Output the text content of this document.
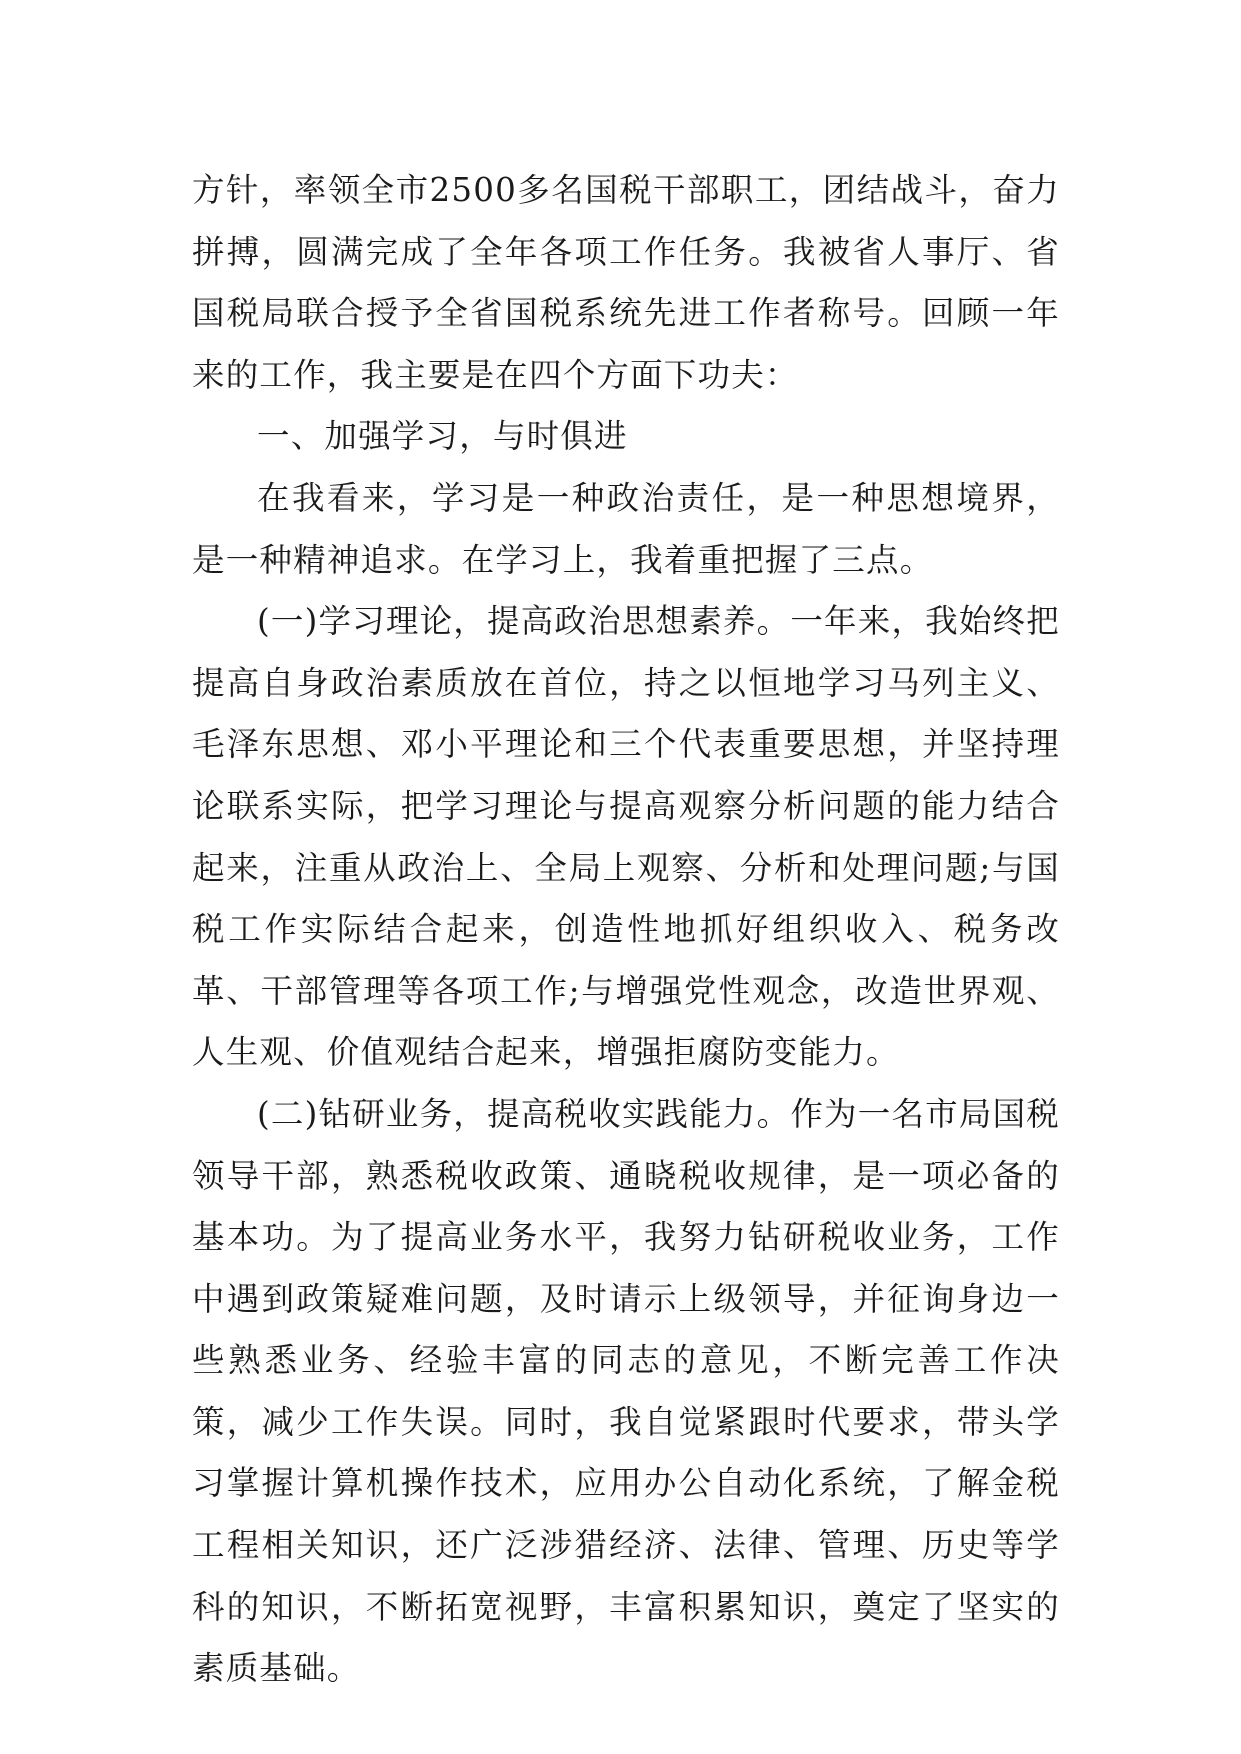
方针，率领全市2500多名国税干部职工，团结战斗，奋力拼搏，圆满完成了全年各项工作任务。我被省人事厅、省国税局联合授予全省国税系统先进工作者称号。回顾一年来的工作，我主要是在四个方面下功夫：

一、加强学习，与时俱进

在我看来，学习是一种政治责任，是一种思想境界，是一种精神追求。在学习上，我着重把握了三点。

(一)学习理论，提高政治思想素养。一年来，我始终把提高自身政治素质放在首位，持之以恒地学习马列主义、毛泽东思想、邓小平理论和三个代表重要思想，并坚持理论联系实际，把学习理论与提高观察分析问题的能力结合起来，注重从政治上、全局上观察、分析和处理问题;与国税工作实际结合起来，创造性地抓好组织收入、税务改革、干部管理等各项工作;与增强党性观念，改造世界观、人生观、价值观结合起来，增强拒腐防变能力。

(二)钻研业务，提高税收实践能力。作为一名市局国税领导干部，熟悉税收政策、通晓税收规律，是一项必备的基本功。为了提高业务水平，我努力钻研税收业务，工作中遇到政策疑难问题，及时请示上级领导，并征询身边一些熟悉业务、经验丰富的同志的意见，不断完善工作决策，减少工作失误。同时，我自觉紧跟时代要求，带头学习掌握计算机操作技术，应用办公自动化系统，了解金税工程相关知识，还广泛涉猎经济、法律、管理、历史等学科的知识，不断拓宽视野，丰富积累知识，奠定了坚实的素质基础。
